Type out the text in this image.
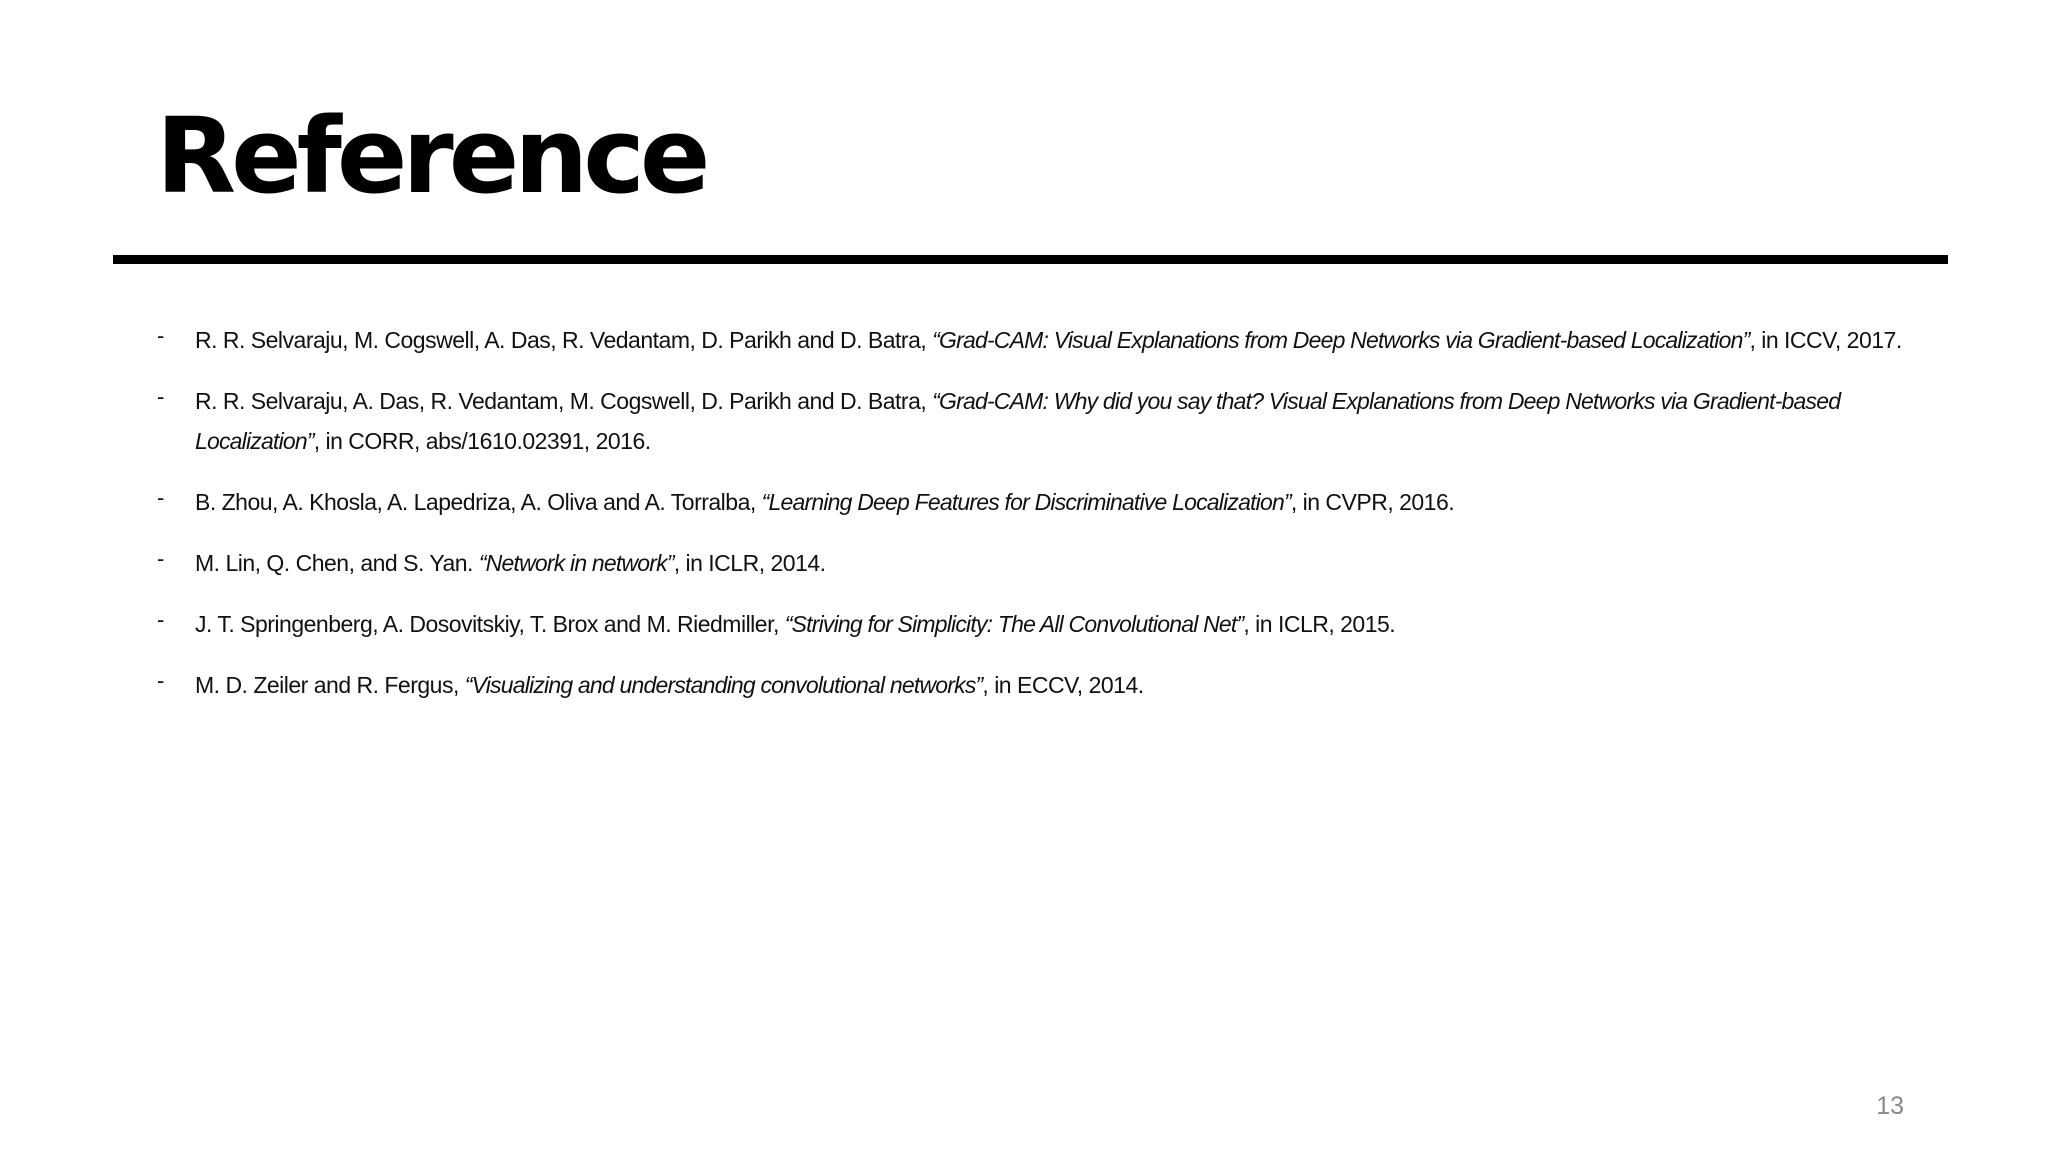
Reference
- R. R. Selvaraju, M. Cogswell, A. Das, R. Vedantam, D. Parikh and D. Batra, “Grad-CAM: Visual Explanations from Deep Networks via Gradient-based Localization”, in ICCV, 2017.
- R. R. Selvaraju, A. Das, R. Vedantam, M. Cogswell, D. Parikh and D. Batra, “Grad-CAM: Why did you say that? Visual Explanations from Deep Networks via Gradient-based Localization”, in CORR, abs/1610.02391, 2016.
- B. Zhou, A. Khosla, A. Lapedriza, A. Oliva and A. Torralba, “Learning Deep Features for Discriminative Localization”, in CVPR, 2016.
- M. Lin, Q. Chen, and S. Yan. “Network in network”, in ICLR, 2014.
- J. T. Springenberg, A. Dosovitskiy, T. Brox and M. Riedmiller, “Striving for Simplicity: The All Convolutional Net”, in ICLR, 2015.
- M. D. Zeiler and R. Fergus, “Visualizing and understanding convolutional networks”, in ECCV, 2014.
13
